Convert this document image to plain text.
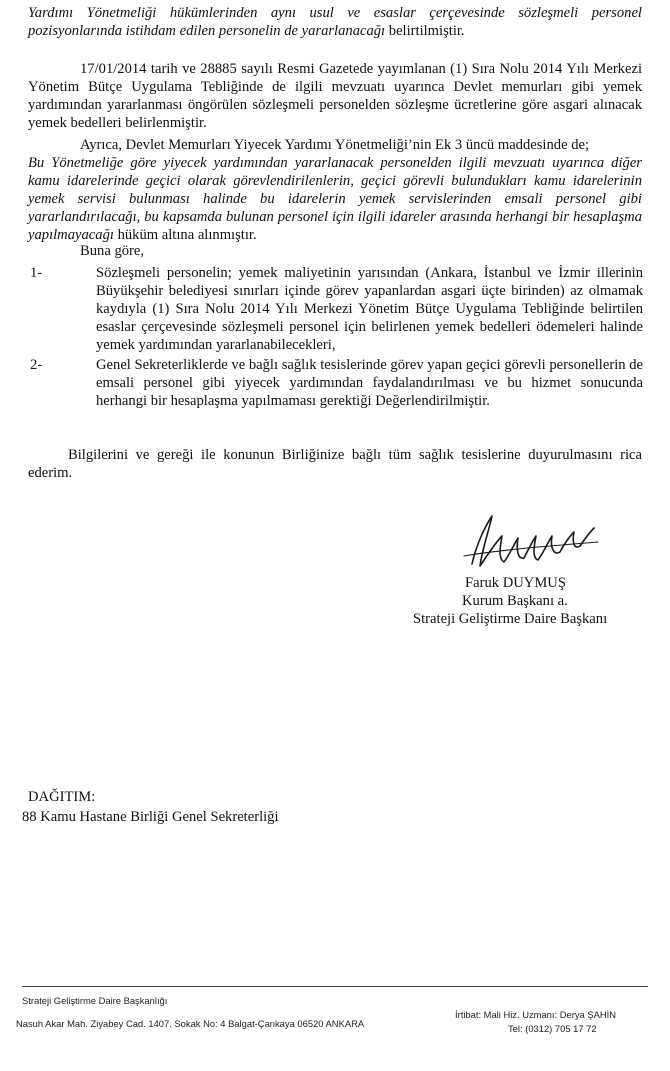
Yardımı Yönetmeliği hükümlerinden aynı usul ve esaslar çerçevesinde sözleşmeli personel pozisyonlarında istihdam edilen personelin de yararlanacağı belirtilmiştir.
17/01/2014 tarih ve 28885 sayılı Resmi Gazetede yayımlanan (1) Sıra Nolu 2014 Yılı Merkezi Yönetim Bütçe Uygulama Tebliğinde de ilgili mevzuatı uyarınca Devlet memurları gibi yemek yardımından yararlanması öngörülen sözleşmeli personelden sözleşme ücretlerine göre asgari alınacak yemek bedelleri belirlenmiştir.
Ayrıca, Devlet Memurları Yiyecek Yardımı Yönetmeliği’nin Ek 3 üncü maddesinde de;
Bu Yönetmeliğe göre yiyecek yardımından yararlanacak personelden ilgili mevzuatı uyarınca diğer kamu idarelerinde geçici olarak görevlendirilenlerin, geçici görevli bulundukları kamu idarelerinin yemek servisi bulunması halinde bu idarelerin yemek servislerinden emsali personel gibi yararlandırılacağı, bu kapsamda bulunan personel için ilgili idareler arasında herhangi bir hesaplaşma yapılmayacağı hüküm altına alınmıştır.
Buna göre,
1-	Sözleşmeli personelin; yemek maliyetinin yarısından (Ankara, İstanbul ve İzmir illerinin Büyükşehir belediyesi sınırları içinde görev yapanlardan asgari üçte birinden) az olmamak kaydıyla (1) Sıra Nolu 2014 Yılı Merkezi Yönetim Bütçe Uygulama Tebliğinde belirtilen esaslar çerçevesinde sözleşmeli personel için belirlenen yemek bedelleri ödemeleri halinde yemek yardımından yararlanabilecekleri,
2-	Genel Sekreterliklerde ve bağlı sağlık tesislerinde görev yapan geçici görevli personellerin de emsali personel gibi yiyecek yardımından faydalandırılması ve bu hizmet sonucunda herhangi bir hesaplaşma yapılmaması gerektiği Değerlendirilmiştir.
Bilgilerini ve gereği ile konunun Birliğinize bağlı tüm sağlık tesislerine duyurulmasını rica ederim.
Faruk DUYMUŞ
Kurum Başkanı a.
Strateji Geliştirme Daire Başkanı
DAĞITIM:
88 Kamu Hastane Birliği Genel Sekreterliği
Strateji Geliştirme Daire Başkanlığı
Nasuh Akar Mah. Ziyabey Cad. 1407. Sokak No: 4 Balgat-Çankaya 06520 ANKARA
İrtibat: Mali Hiz. Uzmanı: Derya ŞAHİN
Tel: (0312) 705 17 72
